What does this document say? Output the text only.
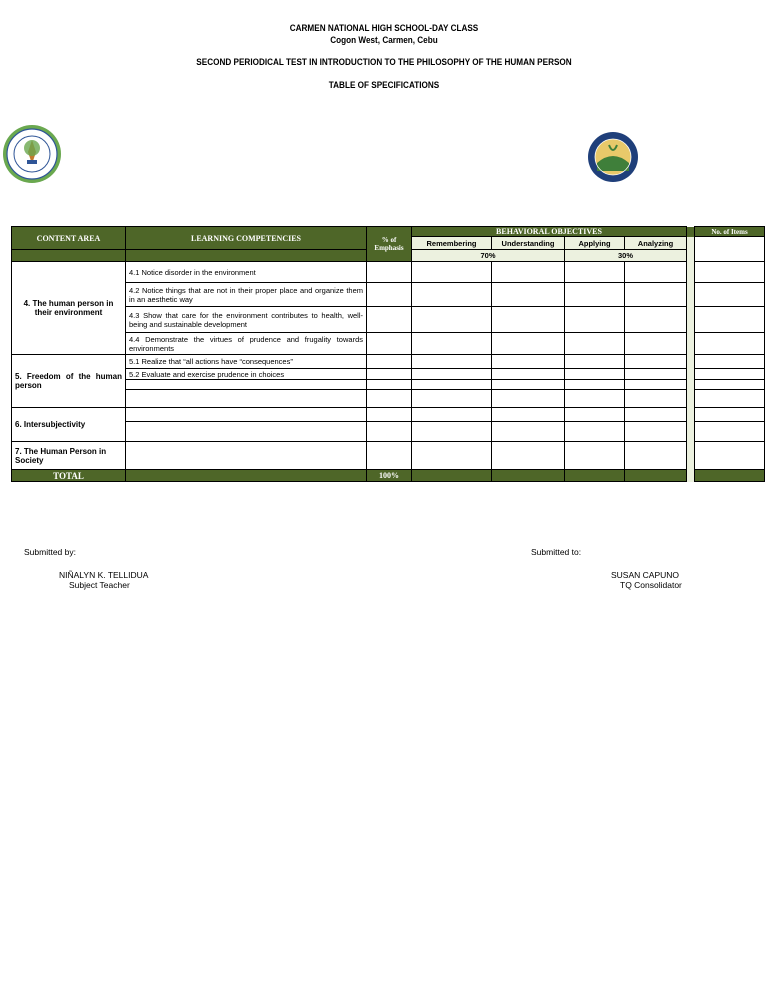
CARMEN NATIONAL HIGH SCHOOL-DAY CLASS
Cogon West, Carmen, Cebu
SECOND PERIODICAL TEST IN INTRODUCTION TO THE PHILOSOPHY OF THE HUMAN PERSON
TABLE OF SPECIFICATIONS
CONTENT AREA	LEARNING COMPETENCIES	% of Emphasis	BEHAVIORAL OBJECTIVES					No. of Items
			Remembering	Understanding	Applying	Analyzing		
			70%		30%			
4. The human person in their environment	4.1 Notice disorder in the environment							
	4.2 Notice things that are not in their proper place and organize them in an aesthetic way							
	4.3 Show that care for the environment contributes to health, well-being and sustainable development							
	4.4 Demonstrate the virtues of prudence and frugality towards environments							
5. Freedom of the human person	5.1 Realize that “all actions have “consequences”							
	5.2 Evaluate and exercise prudence in choices							

6. Intersubjectivity								

7. The Human Person in Society								
TOTAL		100%						
Submitted by:
NIÑALYN K. TELLIDUA
Subject Teacher
Submitted to:
SUSAN CAPUNO
TQ Consolidator
